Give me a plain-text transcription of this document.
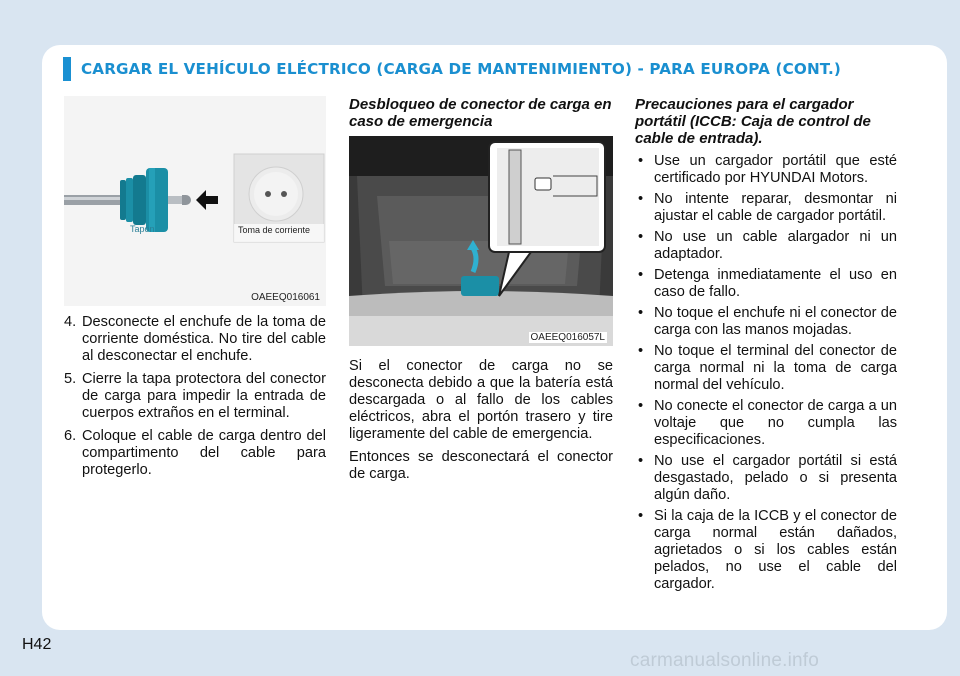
CARGAR EL VEHÍCULO ELÉCTRICO (CARGA DE MANTENIMIENTO) - PARA EUROPA (CONT.)
Tapón	Toma de corriente
OAEEQ016061
4. Desconecte el enchufe de la toma de corriente doméstica. No tire del cable al desconectar el enchufe.
5. Cierre la tapa protectora del conector de carga para impedir la entrada de cuerpos extraños en el terminal.
6. Coloque el cable de carga dentro del compartimento del cable para protegerlo.
Desbloqueo de conector de carga en caso de emergencia
OAEEQ016057L

Si el conector de carga no se desconecta debido a que la batería está descargada o al fallo de los cables eléctricos, abra el portón trasero y tire ligeramente del cable de emergencia.

Entonces se desconectará el conector de carga.

Precauciones para el cargador portátil (ICCB: Caja de control de cable de entrada).
• Use un cargador portátil que esté certificado por HYUNDAI Motors.
• No intente reparar, desmontar ni ajustar el cable de cargador portátil.
• No use un cable alargador ni un adaptador.
• Detenga inmediatamente el uso en caso de fallo.
• No toque el enchufe ni el conector de carga con las manos mojadas.
• No toque el terminal del conector de carga normal ni la toma de carga normal del vehículo.
• No conecte el conector de carga a un voltaje que no cumpla las especificaciones.
• No use el cargador portátil si está desgastado, pelado o si presenta algún daño.
• Si la caja de la ICCB y el conector de carga normal están dañados, agrietados o si los cables están pelados, no use el cable del cargador.
H42
carmanualsonline.info
